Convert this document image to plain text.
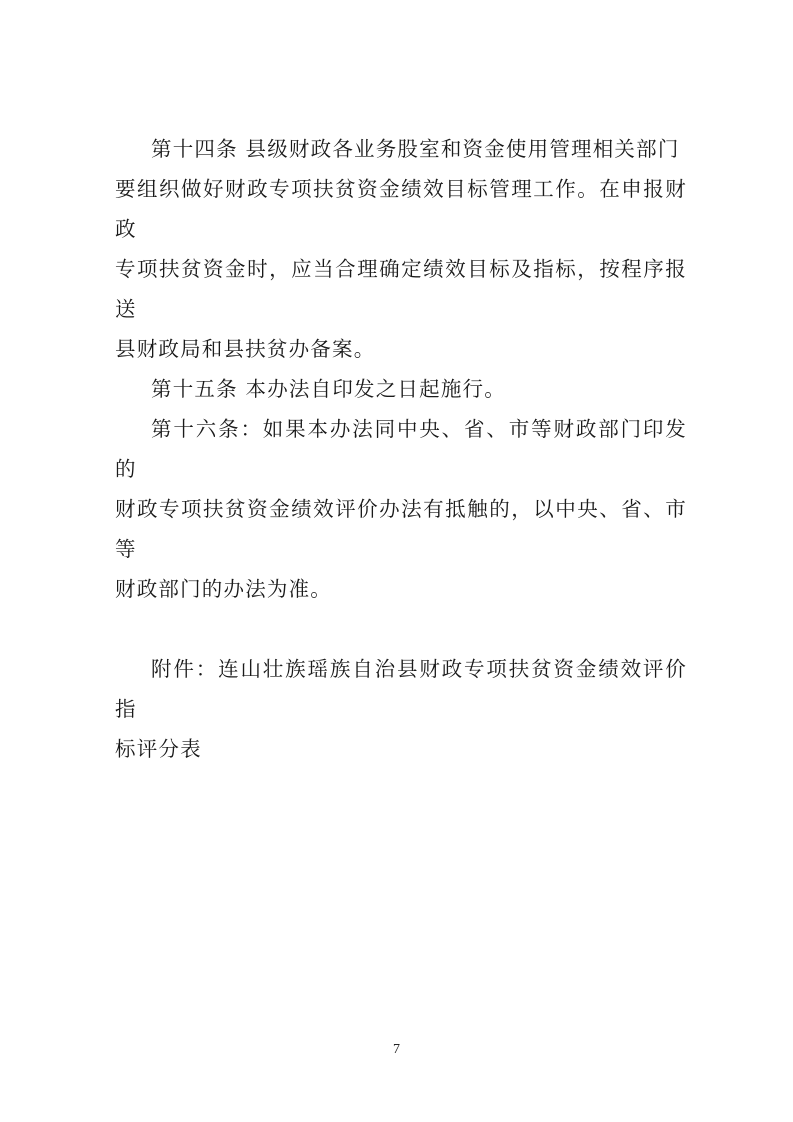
第十四条 县级财政各业务股室和资金使用管理相关部门
要组织做好财政专项扶贫资金绩效目标管理工作。在申报财政
专项扶贫资金时，应当合理确定绩效目标及指标，按程序报送
县财政局和县扶贫办备案。

第十五条 本办法自印发之日起施行。

第十六条：如果本办法同中央、省、市等财政部门印发的
财政专项扶贫资金绩效评价办法有抵触的，以中央、省、市等
财政部门的办法为准。

附件：连山壮族瑶族自治县财政专项扶贫资金绩效评价指
标评分表

7
